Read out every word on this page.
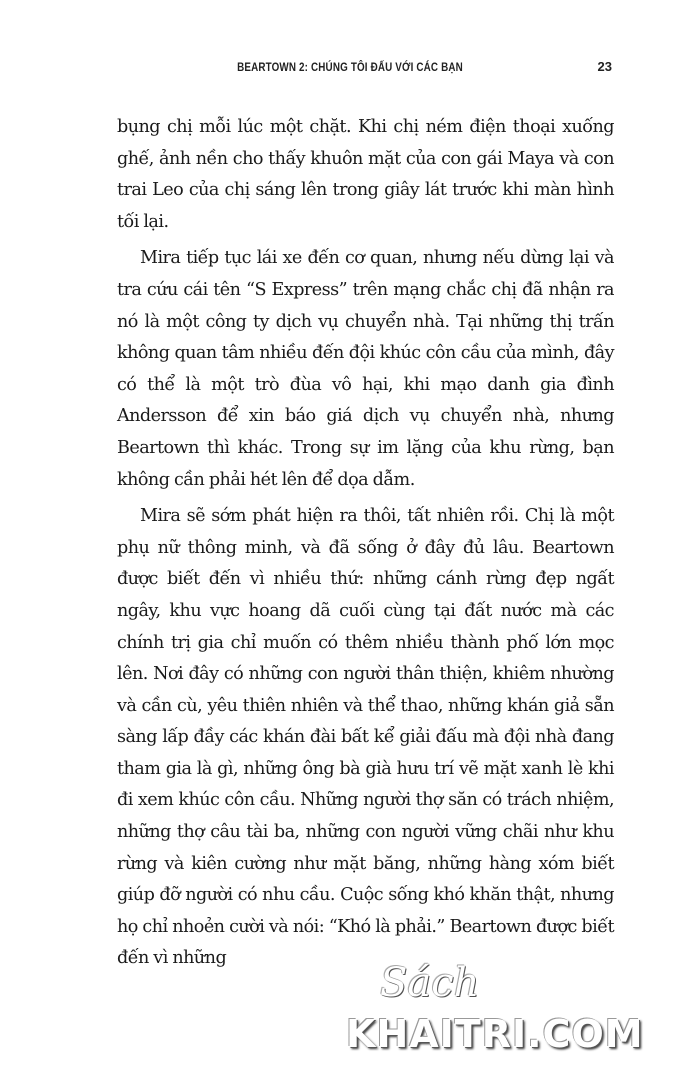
BEARTOWN 2: CHÚNG TÔI ĐẤU VỚI CÁC BẠN	23

bụng chị mỗi lúc một chặt. Khi chị ném điện thoại xuống ghế, ảnh nền cho thấy khuôn mặt của con gái Maya và con trai Leo của chị sáng lên trong giây lát trước khi màn hình tối lại.

Mira tiếp tục lái xe đến cơ quan, nhưng nếu dừng lại và tra cứu cái tên “S Express” trên mạng chắc chị đã nhận ra nó là một công ty dịch vụ chuyển nhà. Tại những thị trấn không quan tâm nhiều đến đội khúc côn cầu của mình, đây có thể là một trò đùa vô hại, khi mạo danh gia đình Andersson để xin báo giá dịch vụ chuyển nhà, nhưng Beartown thì khác. Trong sự im lặng của khu rừng, bạn không cần phải hét lên để dọa dẫm.

Mira sẽ sớm phát hiện ra thôi, tất nhiên rồi. Chị là một phụ nữ thông minh, và đã sống ở đây đủ lâu. Beartown được biết đến vì nhiều thứ: những cánh rừng đẹp ngất ngây, khu vực hoang dã cuối cùng tại đất nước mà các chính trị gia chỉ muốn có thêm nhiều thành phố lớn mọc lên. Nơi đây có những con người thân thiện, khiêm nhường và cần cù, yêu thiên nhiên và thể thao, những khán giả sẵn sàng lấp đầy các khán đài bất kể giải đấu mà đội nhà đang tham gia là gì, những ông bà già hưu trí vẽ mặt xanh lè khi đi xem khúc côn cầu. Những người thợ săn có trách nhiệm, những thợ câu tài ba, những con người vững chãi như khu rừng và kiên cường như mặt băng, những hàng xóm biết giúp đỡ người có nhu cầu. Cuộc sống khó khăn thật, nhưng họ chỉ nhoẻn cười và nói: “Khó là phải.” Beartown được biết đến vì những

Sách
KHAITRI.COM
